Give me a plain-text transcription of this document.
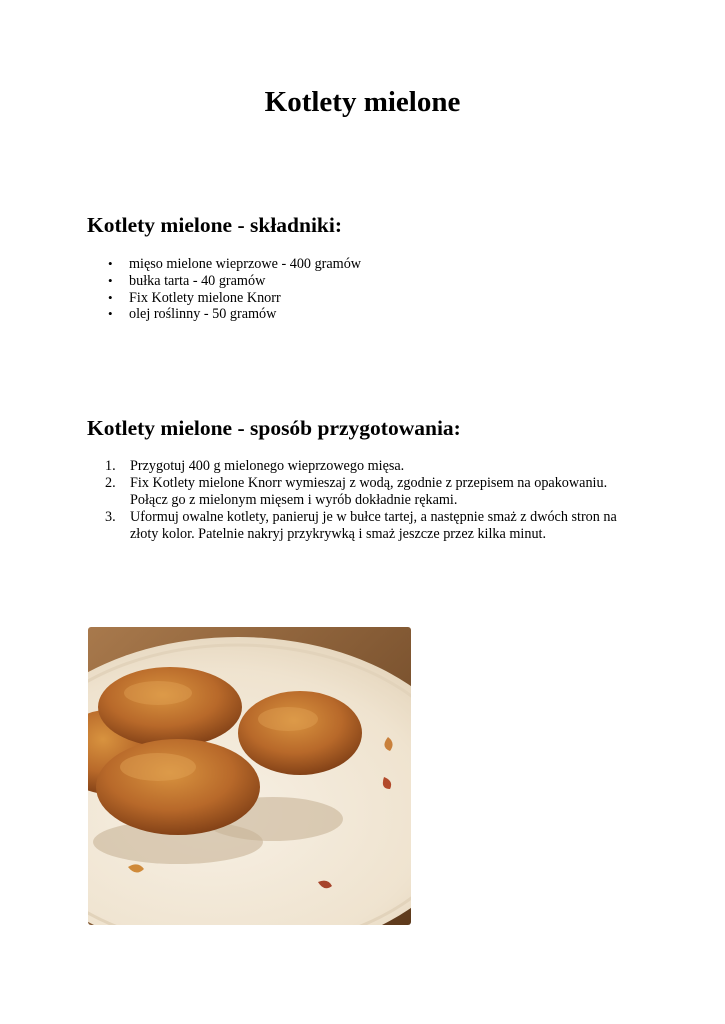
Kotlety mielone
Kotlety mielone - składniki:
• mięso mielone wieprzowe - 400 gramów
• bułka tarta - 40 gramów
• Fix Kotlety mielone Knorr
• olej roślinny - 50 gramów
Kotlety mielone - sposób przygotowania:
1. Przygotuj 400 g mielonego wieprzowego mięsa.
2. Fix Kotlety mielone Knorr wymieszaj z wodą, zgodnie z przepisem na opakowaniu. Połącz go z mielonym mięsem i wyrób dokładnie rękami.
3. Uformuj owalne kotlety, panieruj je w bułce tartej, a następnie smaż z dwóch stron na złoty kolor. Patelnie nakryj przykrywką i smaż jeszcze przez kilka minut.
